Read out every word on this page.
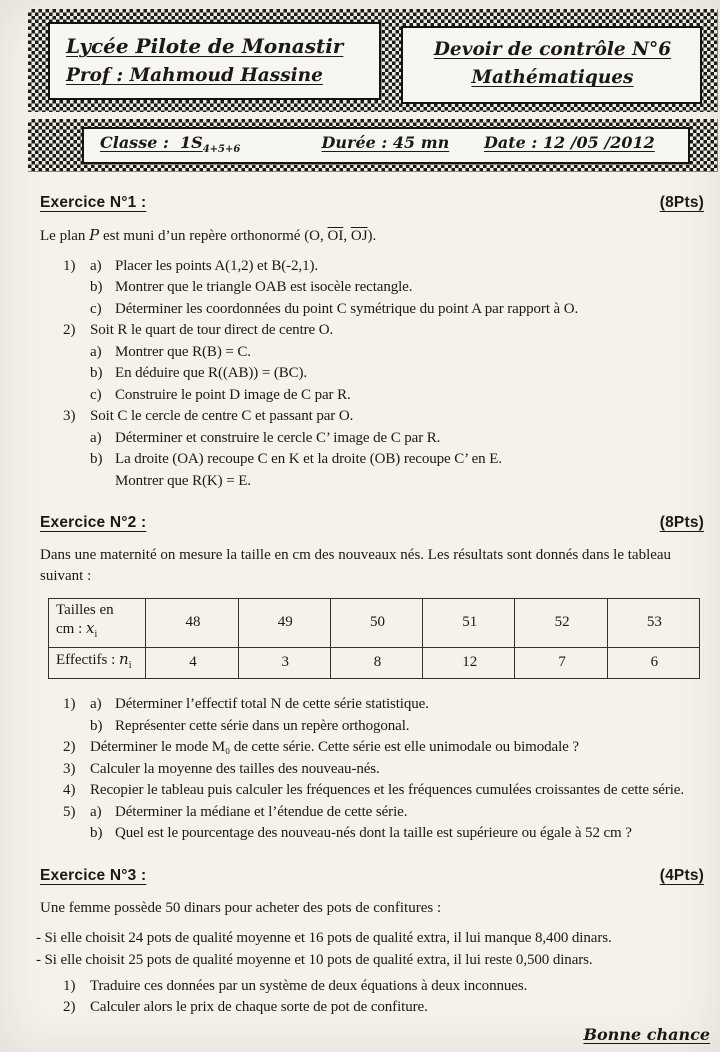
Lycée Pilote de Monastir
Prof : Mahmoud Hassine
Devoir de contrôle N°6
Mathématiques
Classe : $1S_{4+5+6}$	Durée : 45 mn	Date : 12 /05 /2012
Exercice N°1 :	(8Pts)

Le plan P est muni d’un repère orthonormé (O, $\overline{OI}$, $\overline{OJ}$).

1) a) Placer les points A(1,2) et B(-2,1).
b) Montrer que le triangle OAB est isocèle rectangle.
c) Déterminer les coordonnées du point C symétrique du point A par rapport à O.
2) Soit R le quart de tour direct de centre O.
a) Montrer que R(B) = C.
b) En déduire que R((AB)) = (BC).
c) Construire le point D image de C par R.
3) Soit C le cercle de centre C et passant par O.
a) Déterminer et construire le cercle C’ image de C par R.
b) La droite (OA) recoupe C en K et la droite (OB) recoupe C’ en E.
Montrer que R(K) = E.
Exercice N°2 :	(8Pts)

Dans une maternité on mesure la taille en cm des nouveaux nés. Les résultats sont donnés dans le tableau suivant :

Tailles en
cm : $x_i$	48	49	50	51	52	53
Effectifs : $n_i$	4	3	8	12	7	6
1) a) Déterminer l’effectif total N de cette série statistique.
b) Représenter cette série dans un repère orthogonal.
2) Déterminer le mode M₀ de cette série. Cette série est elle unimodale ou bimodale ?
3) Calculer la moyenne des tailles des nouveau-nés.
4) Recopier le tableau puis calculer les fréquences et les fréquences cumulées croissantes de cette série.
5) a) Déterminer la médiane et l’étendue de cette série.
b) Quel est le pourcentage des nouveau-nés dont la taille est supérieure ou égale à 52 cm ?
Exercice N°3 :	(4Pts)

Une femme possède 50 dinars pour acheter des pots de confitures :

- Si elle choisit 24 pots de qualité moyenne et 16 pots de qualité extra, il lui manque 8,400 dinars.

- Si elle choisit 25 pots de qualité moyenne et 10 pots de qualité extra, il lui reste 0,500 dinars.

1) Traduire ces données par un système de deux équations à deux inconnues.
2) Calculer alors le prix de chaque sorte de pot de confiture.
Bonne chance
